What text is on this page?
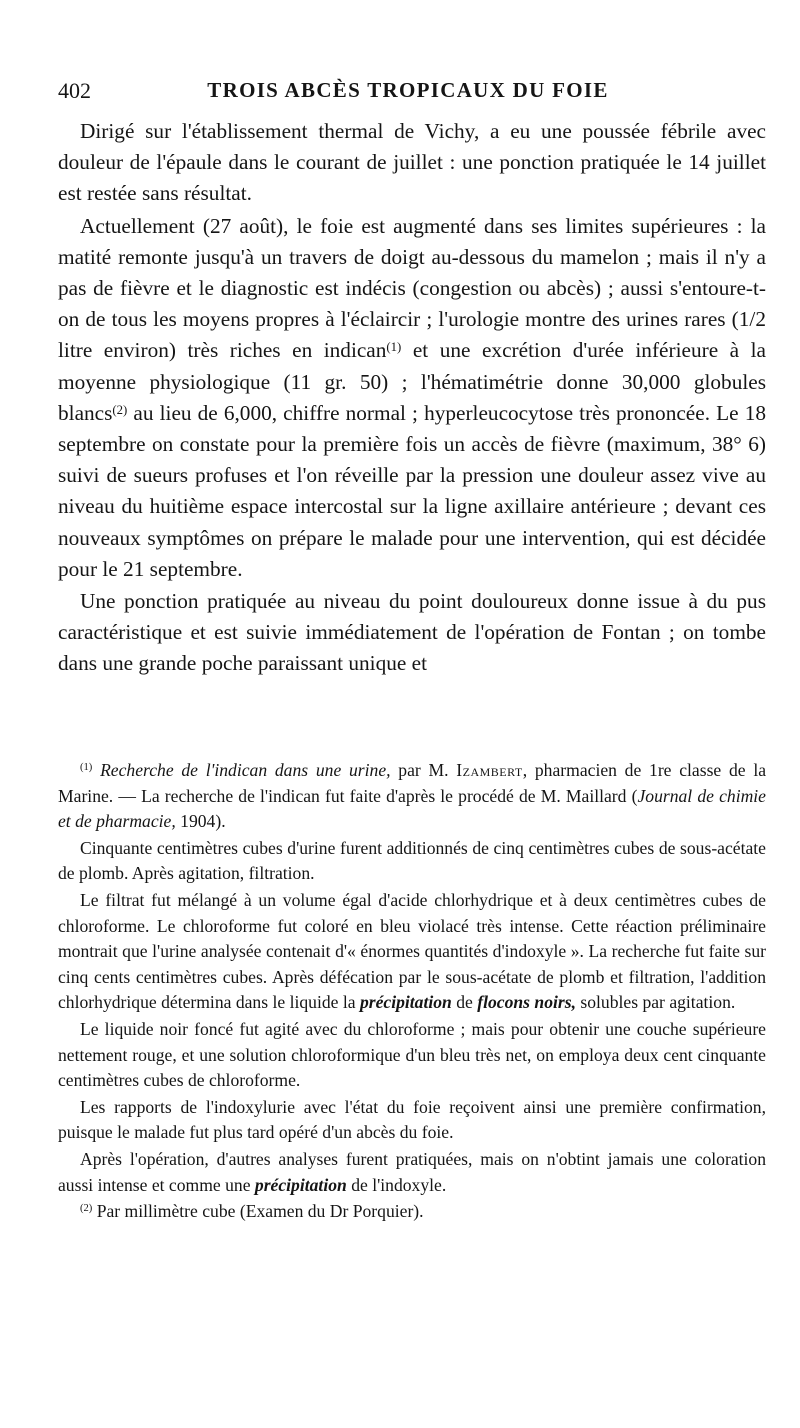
402	TROIS ABCÈS TROPICAUX DU FOIE

Dirigé sur l'établissement thermal de Vichy, a eu une poussée fébrile avec douleur de l'épaule dans le courant de juillet : une ponction pratiquée le 14 juillet est restée sans résultat.

Actuellement (27 août), le foie est augmenté dans ses limites supérieures : la matité remonte jusqu'à un travers de doigt au-dessous du mamelon ; mais il n'y a pas de fièvre et le diagnostic est indécis (congestion ou abcès) ; aussi s'entoure-t-on de tous les moyens propres à l'éclaircir ; l'urologie montre des urines rares (1/2 litre environ) très riches en indican$^{(1)}$ et une excrétion d'urée inférieure à la moyenne physiologique (11 gr. 50) ; l'hématimétrie donne 30,000 globules blancs$^{(2)}$ au lieu de 6,000, chiffre normal ; hyperleucocytose très prononcée. Le 18 septembre on constate pour la première fois un accès de fièvre (maximum, 38° 6) suivi de sueurs profuses et l'on réveille par la pression une douleur assez vive au niveau du huitième espace intercostal sur la ligne axillaire antérieure ; devant ces nouveaux symptômes on prépare le malade pour une intervention, qui est décidée pour le 21 septembre.

Une ponction pratiquée au niveau du point douloureux donne issue à du pus caractéristique et est suivie immédiatement de l'opération de Fontan ; on tombe dans une grande poche paraissant unique et

$^{(1)}$ Recherche de l'indican dans une urine, par M. Izambert, pharmacien de 1re classe de la Marine. — La recherche de l'indican fut faite d'après le procédé de M. Maillard (Journal de chimie et de pharmacie, 1904).

Cinquante centimètres cubes d'urine furent additionnés de cinq centimètres cubes de sous-acétate de plomb. Après agitation, filtration.

Le filtrat fut mélangé à un volume égal d'acide chlorhydrique et à deux centimètres cubes de chloroforme. Le chloroforme fut coloré en bleu violacé très intense. Cette réaction préliminaire montrait que l'urine analysée contenait d'« énormes quantités d'indoxyle ». La recherche fut faite sur cinq cents centimètres cubes. Après défécation par le sous-acétate de plomb et filtration, l'addition chlorhydrique détermina dans le liquide la précipitation de flocons noirs, solubles par agitation.

Le liquide noir foncé fut agité avec du chloroforme ; mais pour obtenir une couche supérieure nettement rouge, et une solution chloroformique d'un bleu très net, on employa deux cent cinquante centimètres cubes de chloroforme.

Les rapports de l'indoxylurie avec l'état du foie reçoivent ainsi une première confirmation, puisque le malade fut plus tard opéré d'un abcès du foie.

Après l'opération, d'autres analyses furent pratiquées, mais on n'obtint jamais une coloration aussi intense et comme une précipitation de l'indoxyle.

$^{(2)}$ Par millimètre cube (Examen du Dr Porquier).
